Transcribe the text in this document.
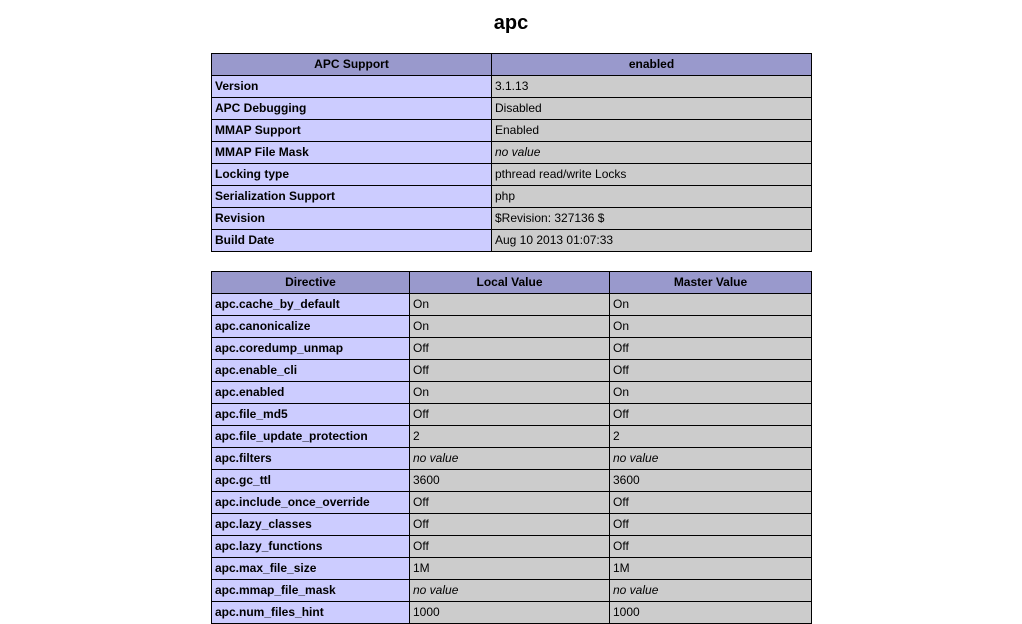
apc
APC Support	enabled
Version	3.1.13
APC Debugging	Disabled
MMAP Support	Enabled
MMAP File Mask	no value
Locking type	pthread read/write Locks
Serialization Support	php
Revision	$Revision: 327136 $
Build Date	Aug 10 2013 01:07:33
Directive	Local Value	Master Value
apc.cache_by_default	On	On
apc.canonicalize	On	On
apc.coredump_unmap	Off	Off
apc.enable_cli	Off	Off
apc.enabled	On	On
apc.file_md5	Off	Off
apc.file_update_protection	2	2
apc.filters	no value	no value
apc.gc_ttl	3600	3600
apc.include_once_override	Off	Off
apc.lazy_classes	Off	Off
apc.lazy_functions	Off	Off
apc.max_file_size	1M	1M
apc.mmap_file_mask	no value	no value
apc.num_files_hint	1000	1000
